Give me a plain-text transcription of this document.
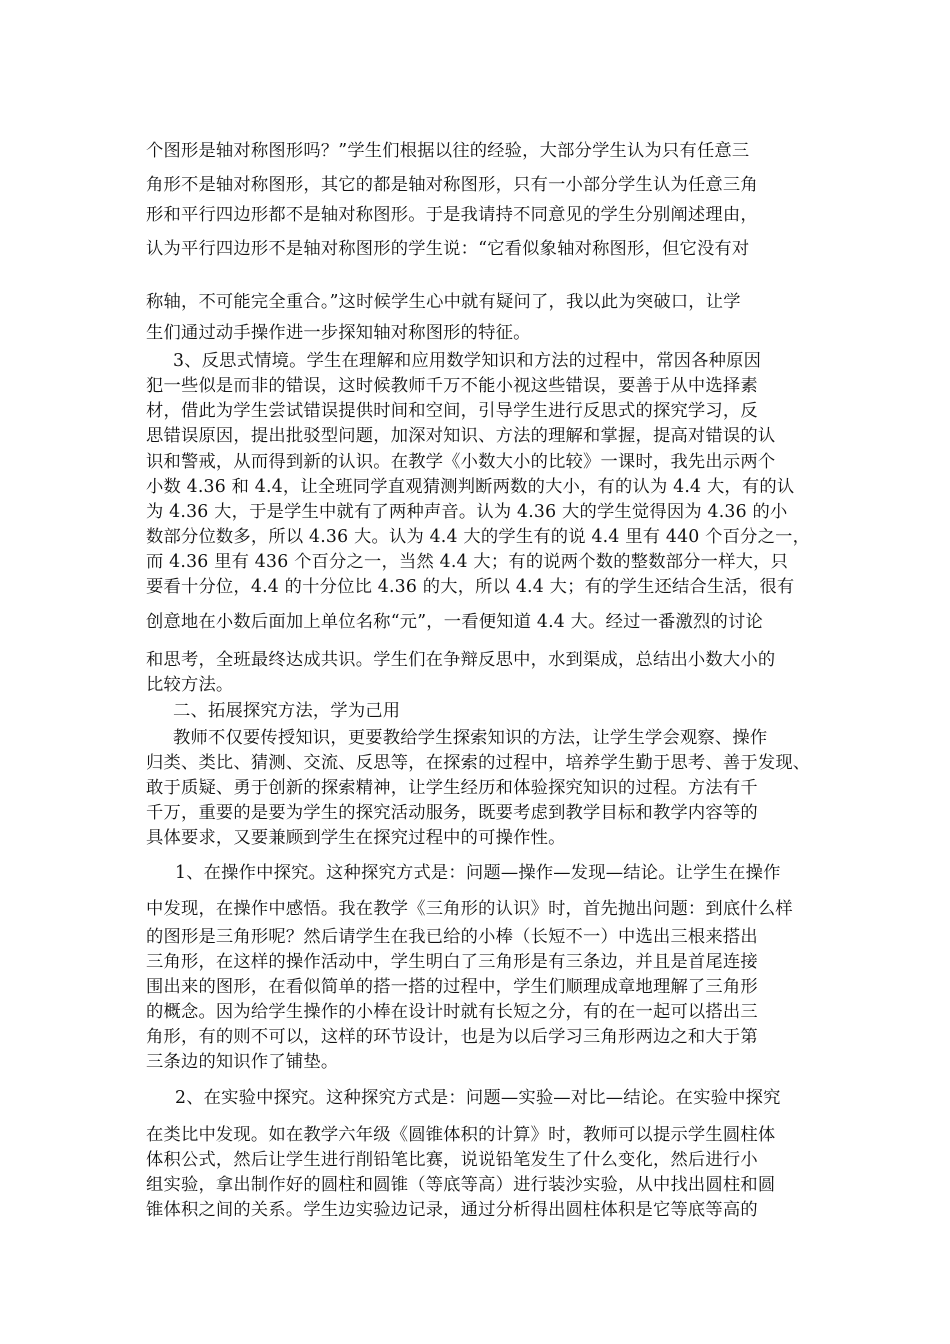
个图形是轴对称图形吗？”学生们根据以往的经验，大部分学生认为只有任意三
角形不是轴对称图形，其它的都是轴对称图形，只有一小部分学生认为任意三角
形和平行四边形都不是轴对称图形。于是我请持不同意见的学生分别阐述理由，
认为平行四边形不是轴对称图形的学生说：“它看似象轴对称图形，但它没有对
称轴，不可能完全重合。”这时候学生心中就有疑问了，我以此为突破口，让学
生们通过动手操作进一步探知轴对称图形的特征。
3、反思式情境。学生在理解和应用数学知识和方法的过程中，常因各种原因
犯一些似是而非的错误，这时候教师千万不能小视这些错误，要善于从中选择素
材，借此为学生尝试错误提供时间和空间，引导学生进行反思式的探究学习，反
思错误原因，提出批驳型问题，加深对知识、方法的理解和掌握，提高对错误的认
识和警戒，从而得到新的认识。在教学《小数大小的比较》一课时，我先出示两个
小数 4.36 和 4.4，让全班同学直观猜测判断两数的大小，有的认为 4.4 大，有的认
为 4.36 大，于是学生中就有了两种声音。认为 4.36 大的学生觉得因为 4.36 的小
数部分位数多，所以 4.36 大。认为 4.4 大的学生有的说 4.4 里有 440 个百分之一，
而 4.36 里有 436 个百分之一，当然 4.4 大；有的说两个数的整数部分一样大，只
要看十分位，4.4 的十分位比 4.36 的大，所以 4.4 大；有的学生还结合生活，很有
创意地在小数后面加上单位名称“元”，一看便知道 4.4 大。经过一番激烈的讨论
和思考，全班最终达成共识。学生们在争辩反思中，水到渠成，总结出小数大小的
比较方法。
二、拓展探究方法，学为己用
教师不仅要传授知识，更要教给学生探索知识的方法，让学生学会观察、操作
归类、类比、猜测、交流、反思等，在探索的过程中，培养学生勤于思考、善于发现、
敢于质疑、勇于创新的探索精神，让学生经历和体验探究知识的过程。方法有千
千万，重要的是要为学生的探究活动服务，既要考虑到教学目标和教学内容等的
具体要求，又要兼顾到学生在探究过程中的可操作性。
1、在操作中探究。这种探究方式是：问题—操作—发现—结论。让学生在操作
中发现，在操作中感悟。我在教学《三角形的认识》时，首先抛出问题：到底什么样
的图形是三角形呢？然后请学生在我已给的小棒（长短不一）中选出三根来搭出
三角形，在这样的操作活动中，学生明白了三角形是有三条边，并且是首尾连接
围出来的图形，在看似简单的搭一搭的过程中，学生们顺理成章地理解了三角形
的概念。因为给学生操作的小棒在设计时就有长短之分，有的在一起可以搭出三
角形，有的则不可以，这样的环节设计，也是为以后学习三角形两边之和大于第
三条边的知识作了铺垫。
2、在实验中探究。这种探究方式是：问题—实验—对比—结论。在实验中探究
在类比中发现。如在教学六年级《圆锥体积的计算》时，教师可以提示学生圆柱体
体积公式，然后让学生进行削铅笔比赛，说说铅笔发生了什么变化，然后进行小
组实验，拿出制作好的圆柱和圆锥（等底等高）进行装沙实验，从中找出圆柱和圆
锥体积之间的关系。学生边实验边记录，通过分析得出圆柱体积是它等底等高的
